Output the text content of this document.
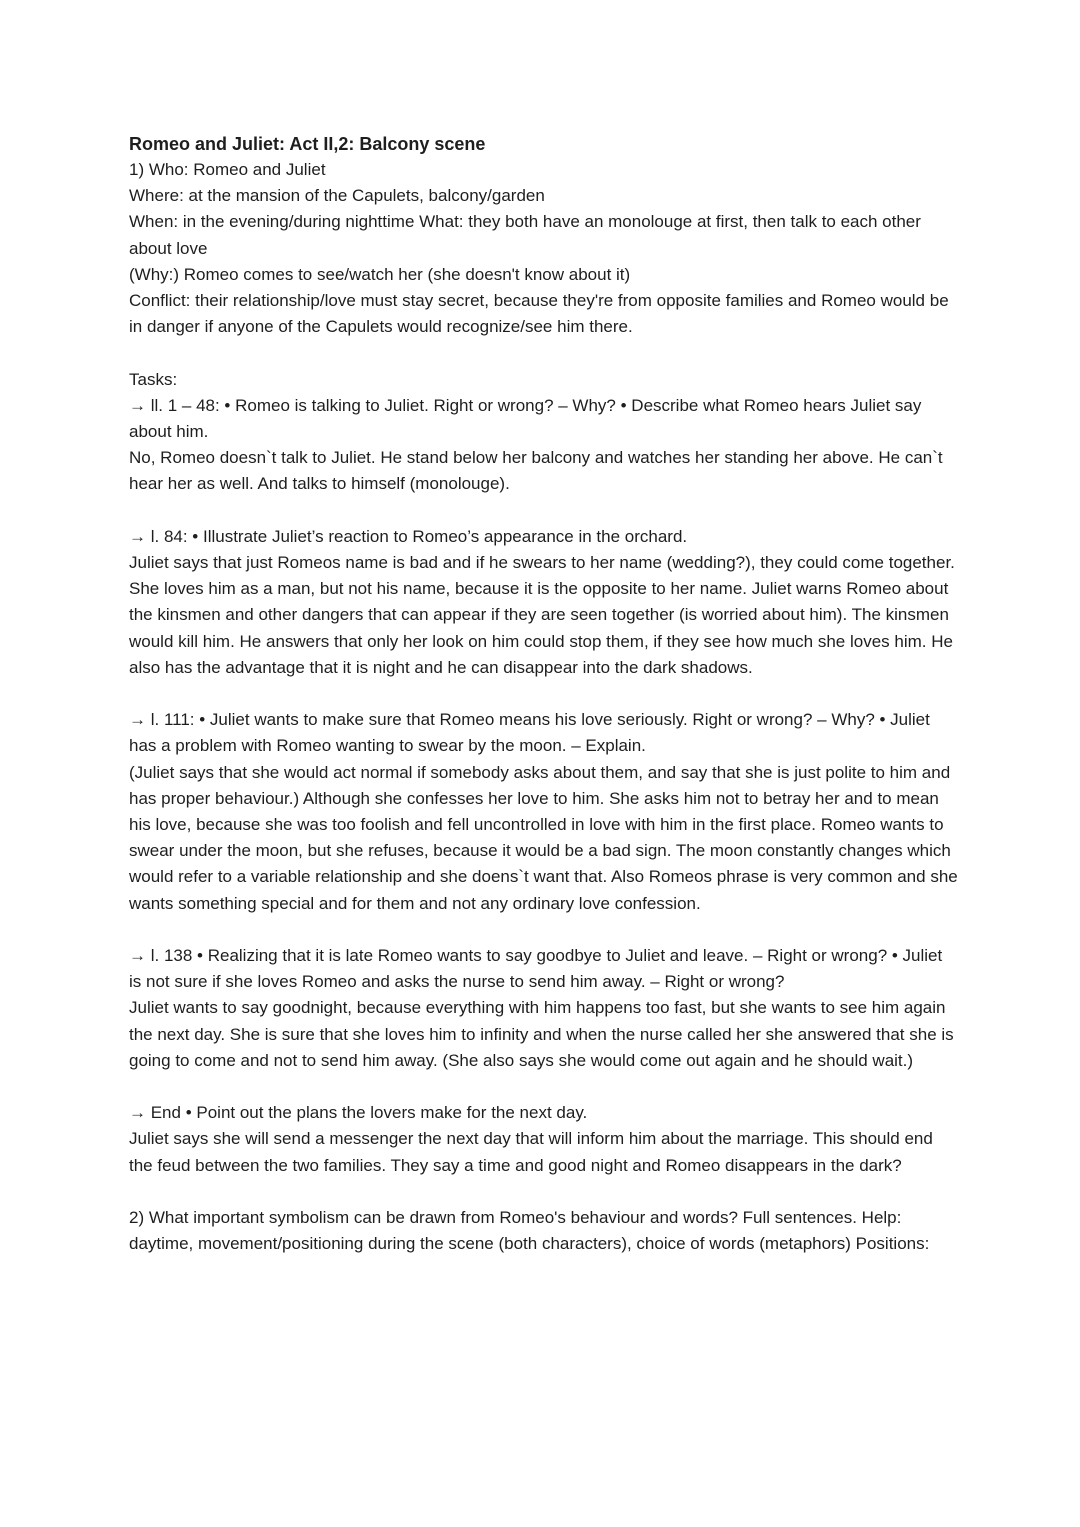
Romeo and Juliet: Act II,2: Balcony scene

1) Who: Romeo and Juliet

Where: at the mansion of the Capulets, balcony/garden

When: in the evening/during nighttime What: they both have an monolouge at first, then talk to each other about love

(Why:) Romeo comes to see/watch her (she doesn't know about it)

Conflict: their relationship/love must stay secret, because they're from opposite families and Romeo would be in danger if anyone of the Capulets would recognize/see him there.

Tasks:

→ ll. 1 – 48: • Romeo is talking to Juliet. Right or wrong? – Why? • Describe what Romeo hears Juliet say about him.

No, Romeo doesn`t talk to Juliet. He stand below her balcony and watches her standing her above. He can`t hear her as well. And talks to himself (monolouge).

→ l. 84: • Illustrate Juliet’s reaction to Romeo’s appearance in the orchard.

Juliet says that just Romeos name is bad and if he swears to her name (wedding?), they could come together. She loves him as a man, but not his name, because it is the opposite to her name. Juliet warns Romeo about the kinsmen and other dangers that can appear if they are seen together (is worried about him). The kinsmen would kill him. He answers that only her look on him could stop them, if they see how much she loves him. He also has the advantage that it is night and he can disappear into the dark shadows.

→ l. 111: • Juliet wants to make sure that Romeo means his love seriously. Right or wrong? – Why? • Juliet has a problem with Romeo wanting to swear by the moon. – Explain.

(Juliet says that she would act normal if somebody asks about them, and say that she is just polite to him and has proper behaviour.) Although she confesses her love to him. She asks him not to betray her and to mean his love, because she was too foolish and fell uncontrolled in love with him in the first place. Romeo wants to swear under the moon, but she refuses, because it would be a bad sign. The moon constantly changes which would refer to a variable relationship and she doens`t want that. Also Romeos phrase is very common and she wants something special and for them and not any ordinary love confession.

→ l. 138 • Realizing that it is late Romeo wants to say goodbye to Juliet and leave. – Right or wrong? • Juliet is not sure if she loves Romeo and asks the nurse to send him away. – Right or wrong?

Juliet wants to say goodnight, because everything with him happens too fast, but she wants to see him again the next day. She is sure that she loves him to infinity and when the nurse called her she answered that she is going to come and not to send him away. (She also says she would come out again and he should wait.)

→ End • Point out the plans the lovers make for the next day.

Juliet says she will send a messenger the next day that will inform him about the marriage. This should end the feud between the two families. They say a time and good night and Romeo disappears in the dark?

2) What important symbolism can be drawn from Romeo's behaviour and words? Full sentences. Help: daytime, movement/positioning during the scene (both characters), choice of words (metaphors) Positions:
